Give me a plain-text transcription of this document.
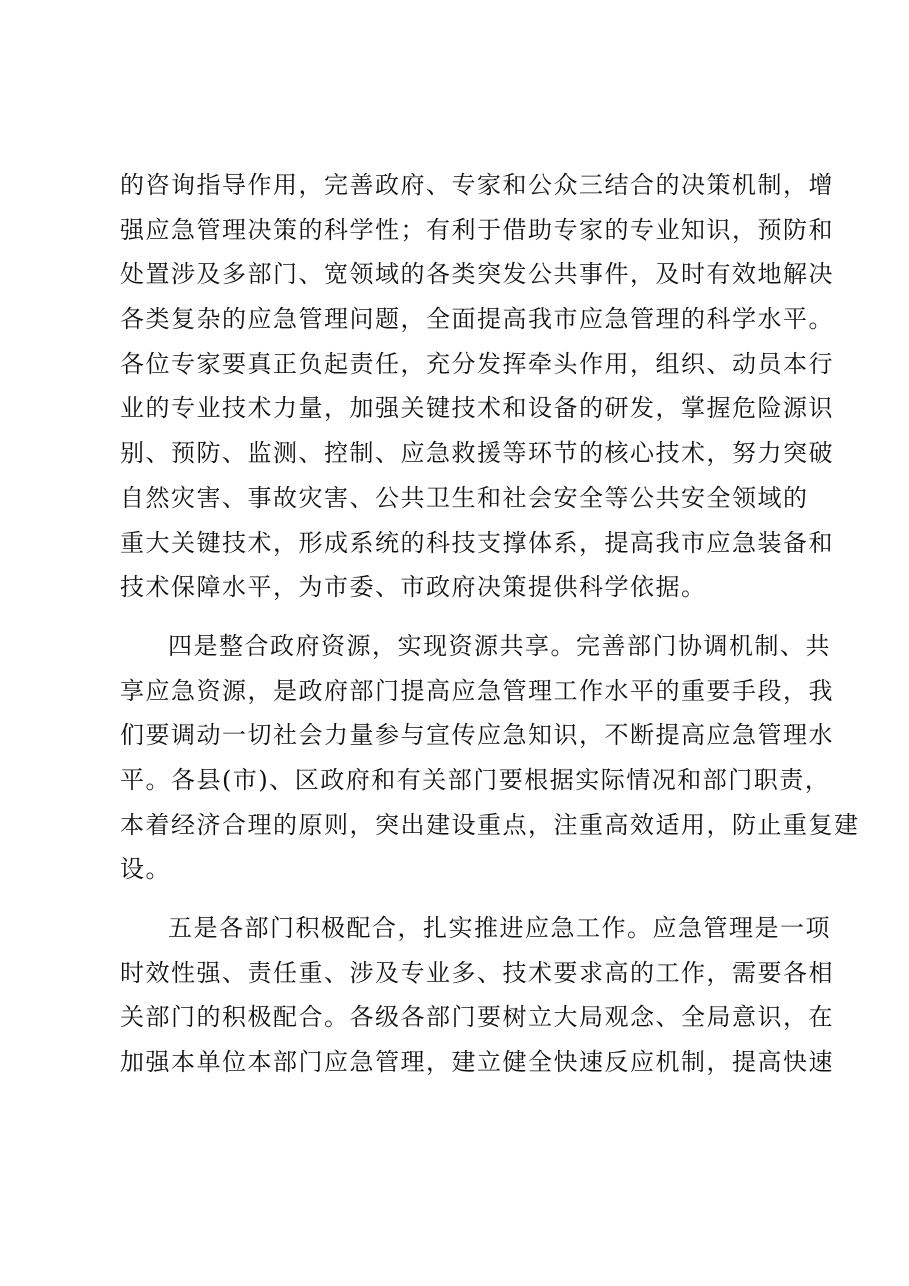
的咨询指导作用，完善政府、专家和公众三结合的决策机制，增
强应急管理决策的科学性；有利于借助专家的专业知识，预防和
处置涉及多部门、宽领域的各类突发公共事件，及时有效地解决
各类复杂的应急管理问题，全面提高我市应急管理的科学水平。
各位专家要真正负起责任，充分发挥牵头作用，组织、动员本行
业的专业技术力量，加强关键技术和设备的研发，掌握危险源识
别、预防、监测、控制、应急救援等环节的核心技术，努力突破
自然灾害、事故灾害、公共卫生和社会安全等公共安全领域的
重大关键技术，形成系统的科技支撑体系，提高我市应急装备和
技术保障水平，为市委、市政府决策提供科学依据。
四是整合政府资源，实现资源共享。完善部门协调机制、共
享应急资源，是政府部门提高应急管理工作水平的重要手段，我
们要调动一切社会力量参与宣传应急知识，不断提高应急管理水
平。各县(市)、区政府和有关部门要根据实际情况和部门职责，
本着经济合理的原则，突出建设重点，注重高效适用，防止重复建
设。
五是各部门积极配合，扎实推进应急工作。应急管理是一项
时效性强、责任重、涉及专业多、技术要求高的工作，需要各相
关部门的积极配合。各级各部门要树立大局观念、全局意识，在
加强本单位本部门应急管理，建立健全快速反应机制，提高快速
